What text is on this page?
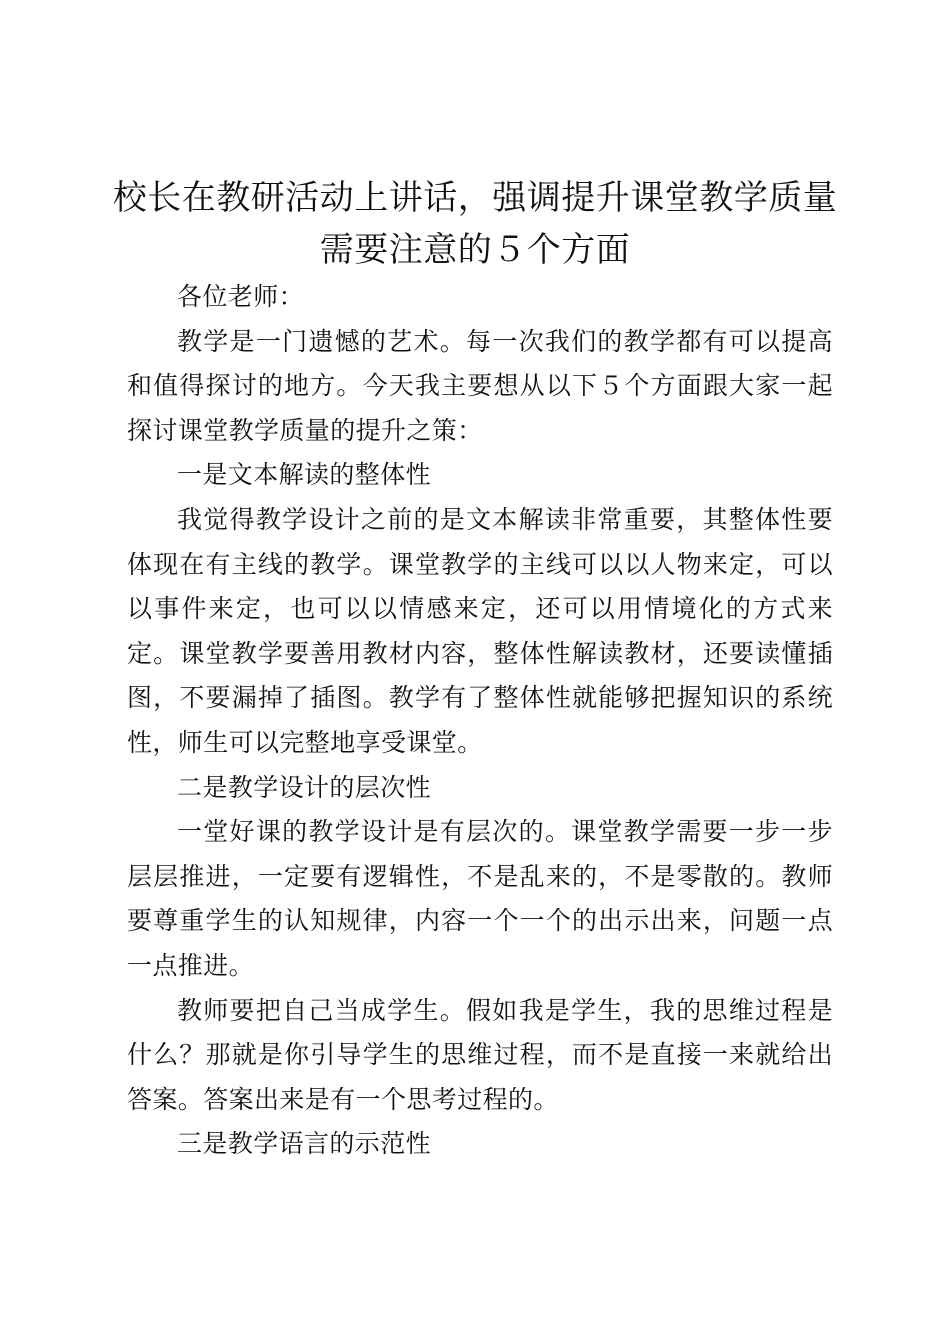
校长在教研活动上讲话，强调提升课堂教学质量需要注意的５个方面

各位老师：

教学是一门遗憾的艺术。每一次我们的教学都有可以提高和值得探讨的地方。今天我主要想从以下５个方面跟大家一起探讨课堂教学质量的提升之策：

一是文本解读的整体性

我觉得教学设计之前的是文本解读非常重要，其整体性要体现在有主线的教学。课堂教学的主线可以以人物来定，可以以事件来定，也可以以情感来定，还可以用情境化的方式来定。课堂教学要善用教材内容，整体性解读教材，还要读懂插图，不要漏掉了插图。教学有了整体性就能够把握知识的系统性，师生可以完整地享受课堂。

二是教学设计的层次性

一堂好课的教学设计是有层次的。课堂教学需要一步一步层层推进，一定要有逻辑性，不是乱来的，不是零散的。教师要尊重学生的认知规律，内容一个一个的出示出来，问题一点一点推进。

教师要把自己当成学生。假如我是学生，我的思维过程是什么？那就是你引导学生的思维过程，而不是直接一来就给出答案。答案出来是有一个思考过程的。

三是教学语言的示范性
